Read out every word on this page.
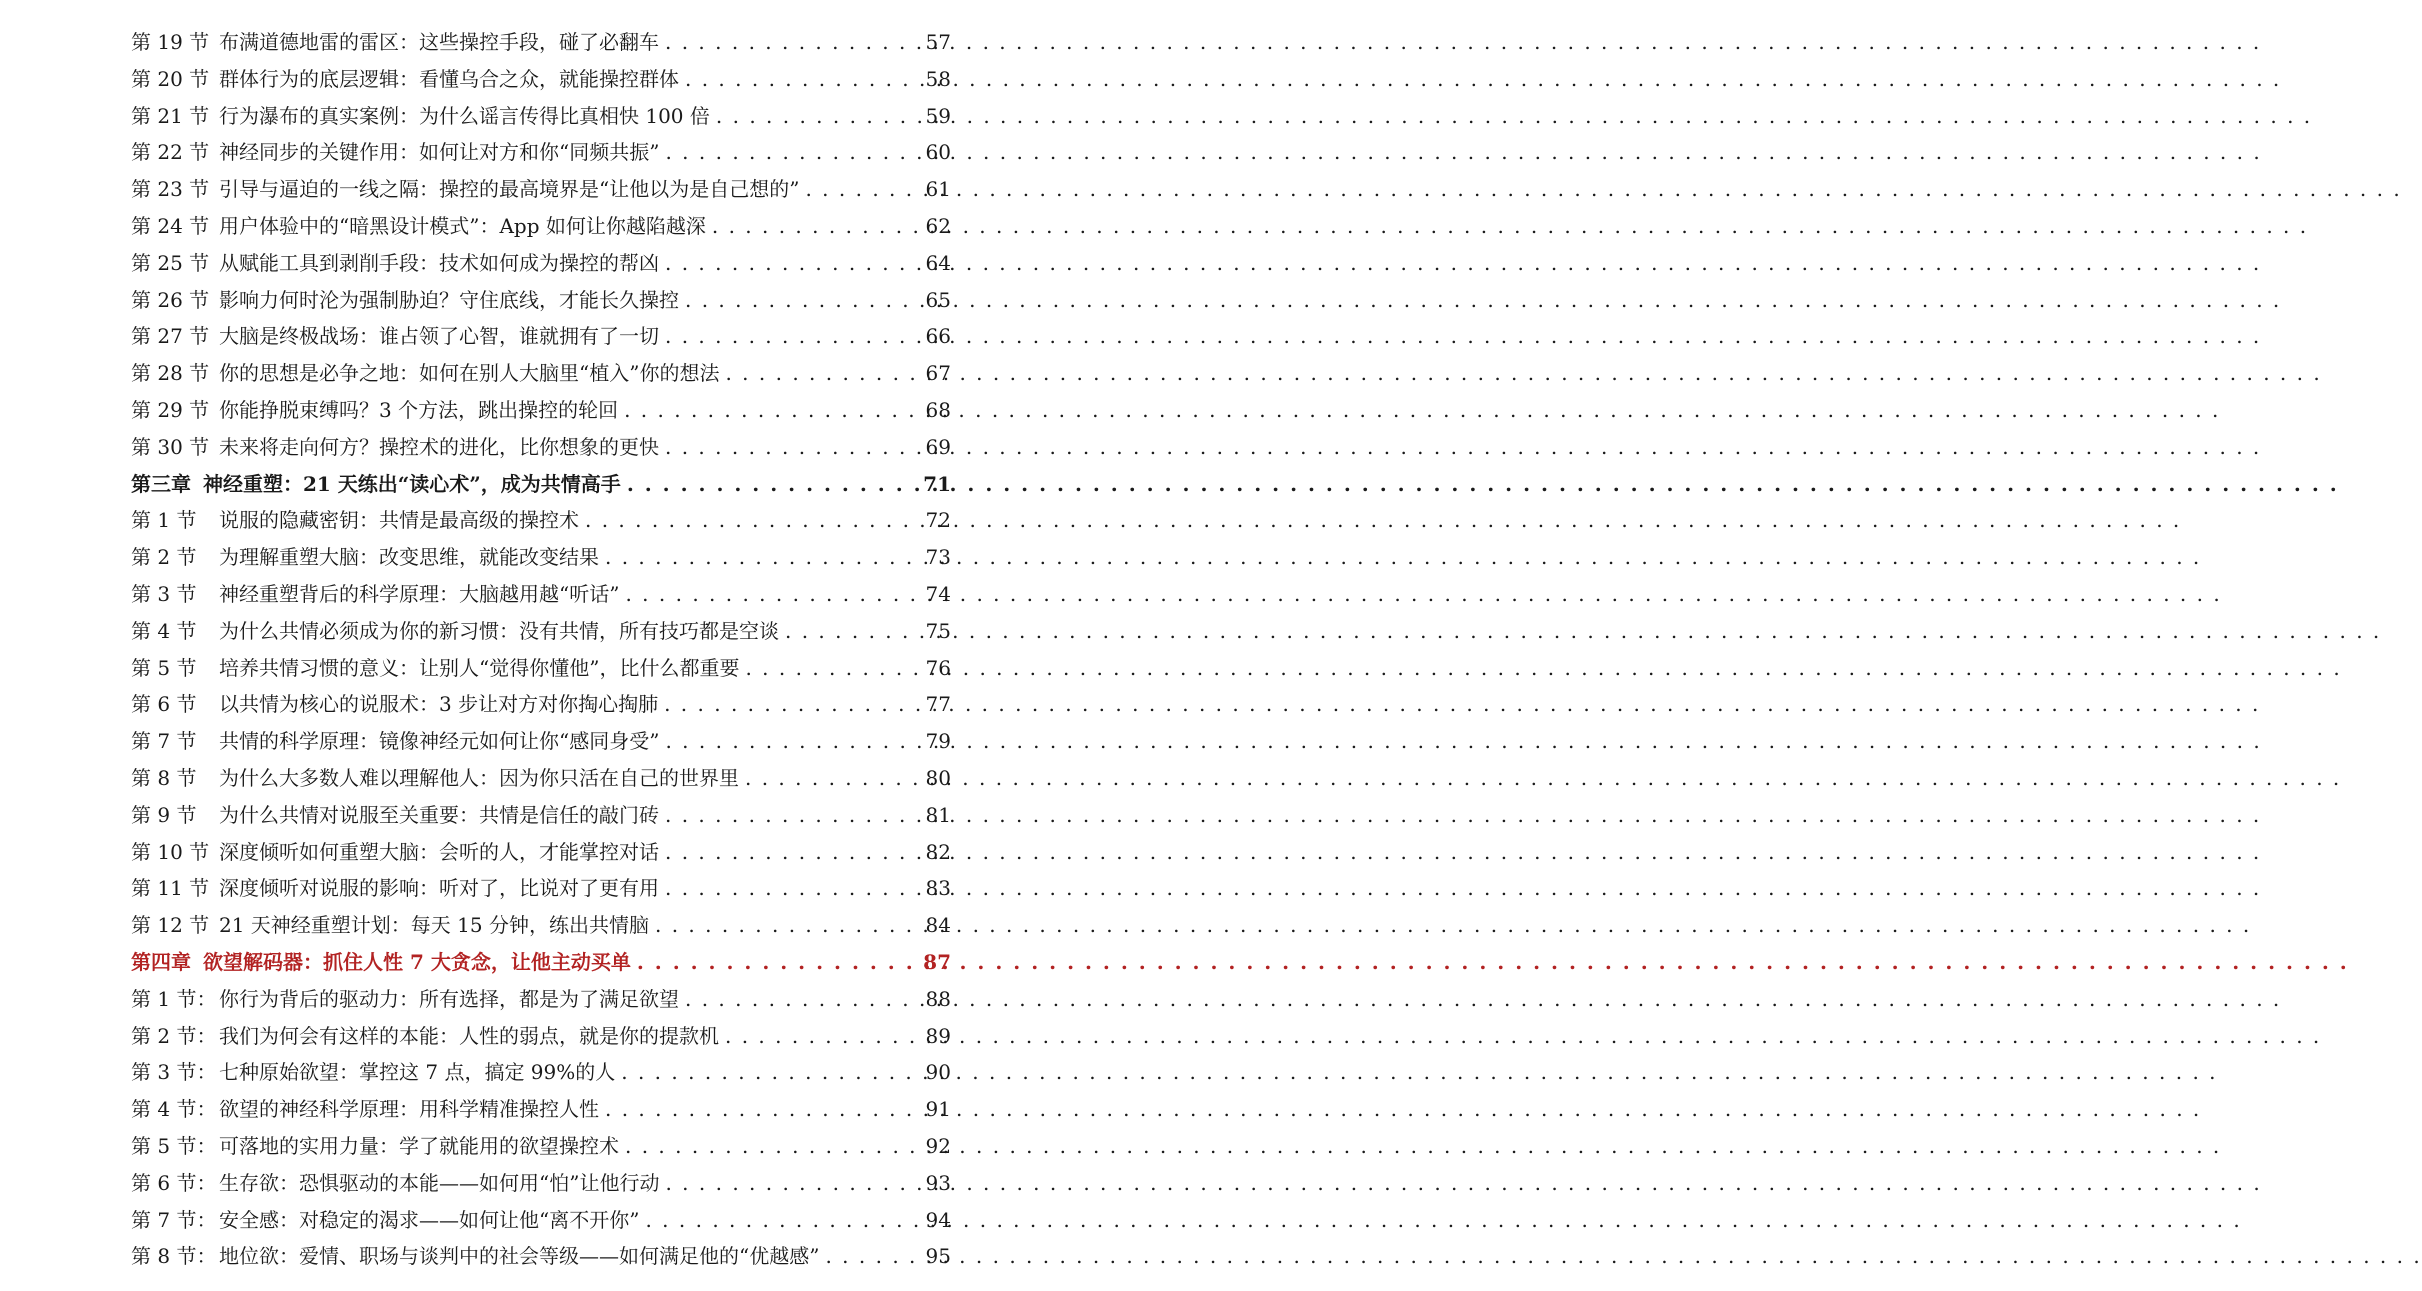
第 19 节 布满道德地雷的雷区：这些操控手段，碰了必翻车 . . .	57
第 20 节 群体行为的底层逻辑：看懂乌合之众，就能操控群体 . . .	58
第 21 节 行为瀑布的真实案例：为什么谣言传得比真相快 100 倍 . . .	59
第 22 节 神经同步的关键作用：如何让对方和你“同频共振” . . .	60
第 23 节 引导与逼迫的一线之隔：操控的最高境界是“让他以为是自己想的” . . .	61
第 24 节 用户体验中的“暗黑设计模式”：App 如何让你越陷越深 . . .	62
第 25 节 从赋能工具到剥削手段：技术如何成为操控的帮凶 . . .	64
第 26 节 影响力何时沦为强制胁迫？守住底线，才能长久操控 . . .	65
第 27 节 大脑是终极战场：谁占领了心智，谁就拥有了一切 . . .	66
第 28 节 你的思想是必争之地：如何在别人大脑里“植入”你的想法 . . .	67
第 29 节 你能挣脱束缚吗？3 个方法，跳出操控的轮回 . . .	68
第 30 节 未来将走向何方？操控术的进化，比你想象的更快 . . .	69
第三章 神经重塑：21 天练出“读心术”，成为共情高手 . . .	71
第 1 节	说服的隐藏密钥：共情是最高级的操控术 . . .	72
第 2 节	为理解重塑大脑：改变思维，就能改变结果 . . .	73
第 3 节	神经重塑背后的科学原理：大脑越用越“听话” . . .	74
第 4 节	为什么共情必须成为你的新习惯：没有共情，所有技巧都是空谈 . . .	75
第 5 节	培养共情习惯的意义：让别人“觉得你懂他”，比什么都重要 . . .	76
第 6 节	以共情为核心的说服术：3 步让对方对你掏心掏肺 . . .	77
第 7 节	共情的科学原理：镜像神经元如何让你“感同身受” . . .	79
第 8 节	为什么大多数人难以理解他人：因为你只活在自己的世界里 . . .	80
第 9 节	为什么共情对说服至关重要：共情是信任的敲门砖 . . .	81
第 10 节 深度倾听如何重塑大脑：会听的人，才能掌控对话 . . .	82
第 11 节 深度倾听对说服的影响：听对了，比说对了更有用 . . .	83
第 12 节 21 天神经重塑计划：每天 15 分钟，练出共情脑 . . .	84
第四章 欲望解码器：抓住人性 7 大贪念，让他主动买单 . . .	87
第 1 节： 你行为背后的驱动力：所有选择，都是为了满足欲望 . . .	88
第 2 节： 我们为何会有这样的本能：人性的弱点，就是你的提款机 . . .	89
第 3 节： 七种原始欲望：掌控这 7 点，搞定 99%的人 . . .	90
第 4 节： 欲望的神经科学原理：用科学精准操控人性 . . .	91
第 5 节： 可落地的实用力量：学了就能用的欲望操控术 . . .	92
第 6 节： 生存欲：恐惧驱动的本能——如何用“怕”让他行动 . . .	93
第 7 节： 安全感：对稳定的渴求——如何让他“离不开你” . . .	94
第 8 节： 地位欲：爱情、职场与谈判中的社会等级——如何满足他的“优越感” . . .	95
